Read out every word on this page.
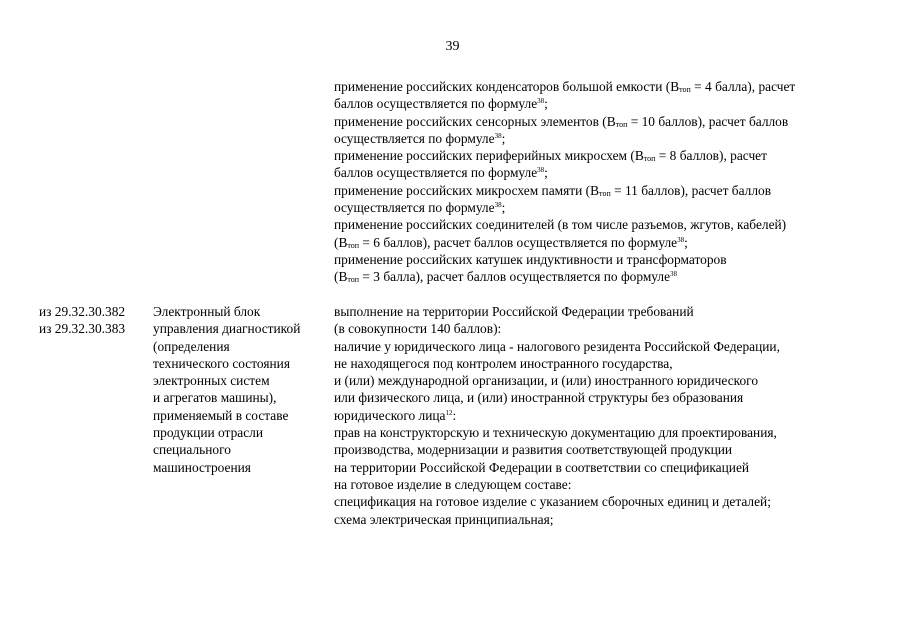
39
применение российских конденсаторов большой емкости ($В_{топ} = 4$ балла), расчет
баллов осуществляется по формуле$^{38}$;
применение российских сенсорных элементов ($В_{топ} = 10$ баллов), расчет баллов
осуществляется по формуле$^{38}$;
применение российских периферийных микросхем ($В_{топ} = 8$ баллов), расчет
баллов осуществляется по формуле$^{38}$;
применение российских микросхем памяти ($В_{топ} = 11$ баллов), расчет баллов
осуществляется по формуле$^{38}$;
применение российских соединителей (в том числе разъемов, жгутов, кабелей)
($В_{топ} = 6$ баллов), расчет баллов осуществляется по формуле$^{38}$;
применение российских катушек индуктивности и трансформаторов
($В_{топ} = 3$ балла), расчет баллов осуществляется по формуле$^{38}$
из 29.32.30.382
из 29.32.30.383
Электронный блок
управления диагностикой
(определения
технического состояния
электронных систем
и агрегатов машины),
применяемый в составе
продукции отрасли
специального
машиностроения
выполнение на территории Российской Федерации требований
(в совокупности 140 баллов):
наличие у юридического лица - налогового резидента Российской Федерации,
не находящегося под контролем иностранного государства,
и (или) международной организации, и (или) иностранного юридического
или физического лица, и (или) иностранной структуры без образования
юридического лица$^{12}$:
прав на конструкторскую и техническую документацию для проектирования,
производства, модернизации и развития соответствующей продукции
на территории Российской Федерации в соответствии со спецификацией
на готовое изделие в следующем составе:
спецификация на готовое изделие с указанием сборочных единиц и деталей;
схема электрическая принципиальная;
